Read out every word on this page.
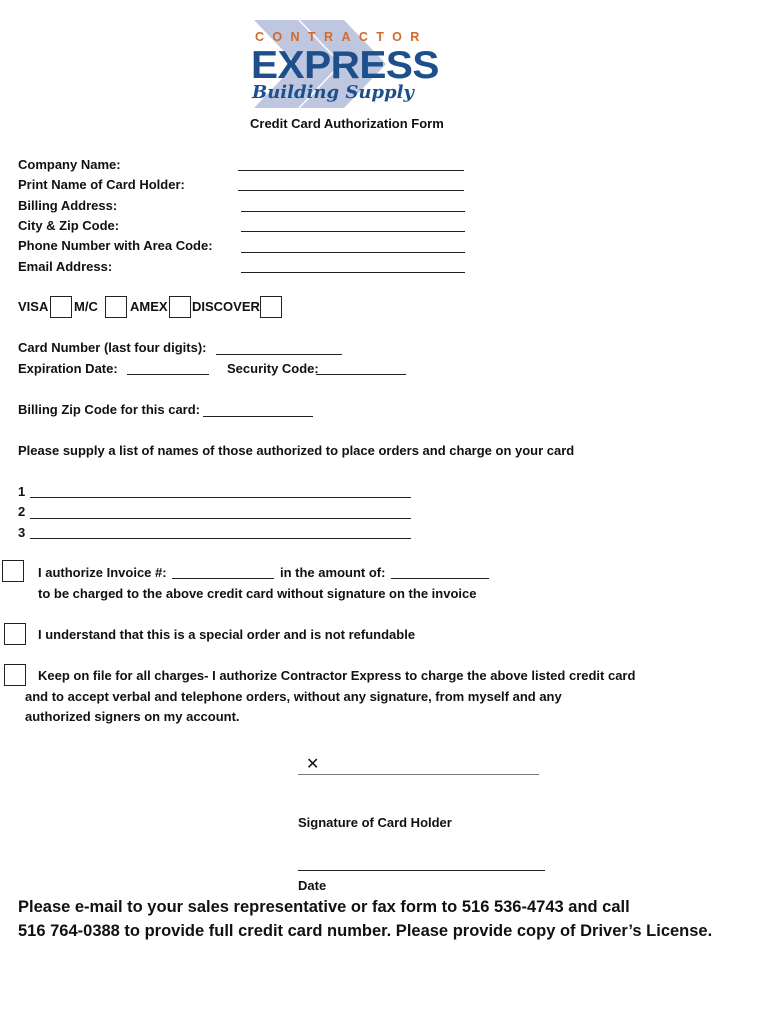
CONTRACTOR
EXPRESS
Building Supply
Credit Card Authorization Form
Company Name:
Print Name of Card Holder:
Billing Address:
City & Zip Code:
Phone Number with Area Code:
Email Address:
VISA M/C AMEX DISCOVER
Card Number (last four digits):
Expiration Date:	Security Code:
Billing Zip Code for this card:
Please supply a list of names of those authorized to place orders and charge on your card
1
2
3
I authorize Invoice #:	in the amount of:
to be charged to the above credit card without signature on the invoice
I understand that this is a special order and is not refundable
Keep on file for all charges- I authorize Contractor Express to charge the above listed credit card
and to accept verbal and telephone orders, without any signature, from myself and any
authorized signers on my account.
✕
Signature of Card Holder
Date
Please e-mail to your sales representative or fax form to 516 536-4743 and call
516 764-0388 to provide full credit card number. Please provide copy of Driver’s License.
